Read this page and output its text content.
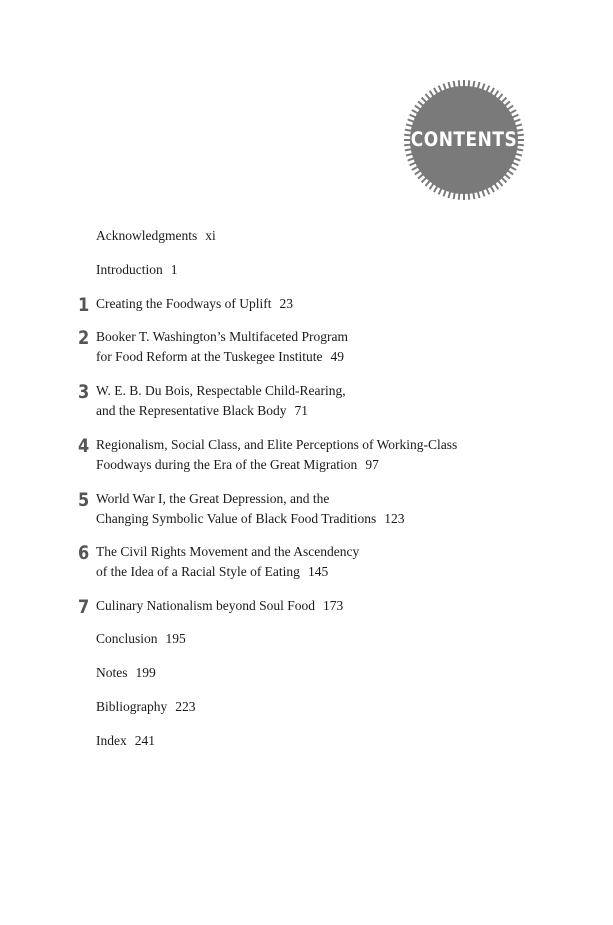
CONTENTS
Acknowledgments xi
Introduction 1
1 Creating the Foodways of Uplift 23
2 Booker T. Washington’s Multifaceted Program
for Food Reform at the Tuskegee Institute 49
3 W. E. B. Du Bois, Respectable Child-Rearing,
and the Representative Black Body 71
4 Regionalism, Social Class, and Elite Perceptions of Working-Class
Foodways during the Era of the Great Migration 97
5 World War I, the Great Depression, and the
Changing Symbolic Value of Black Food Traditions 123
6 The Civil Rights Movement and the Ascendency
of the Idea of a Racial Style of Eating 145
7 Culinary Nationalism beyond Soul Food 173
Conclusion 195
Notes 199
Bibliography 223
Index 241
